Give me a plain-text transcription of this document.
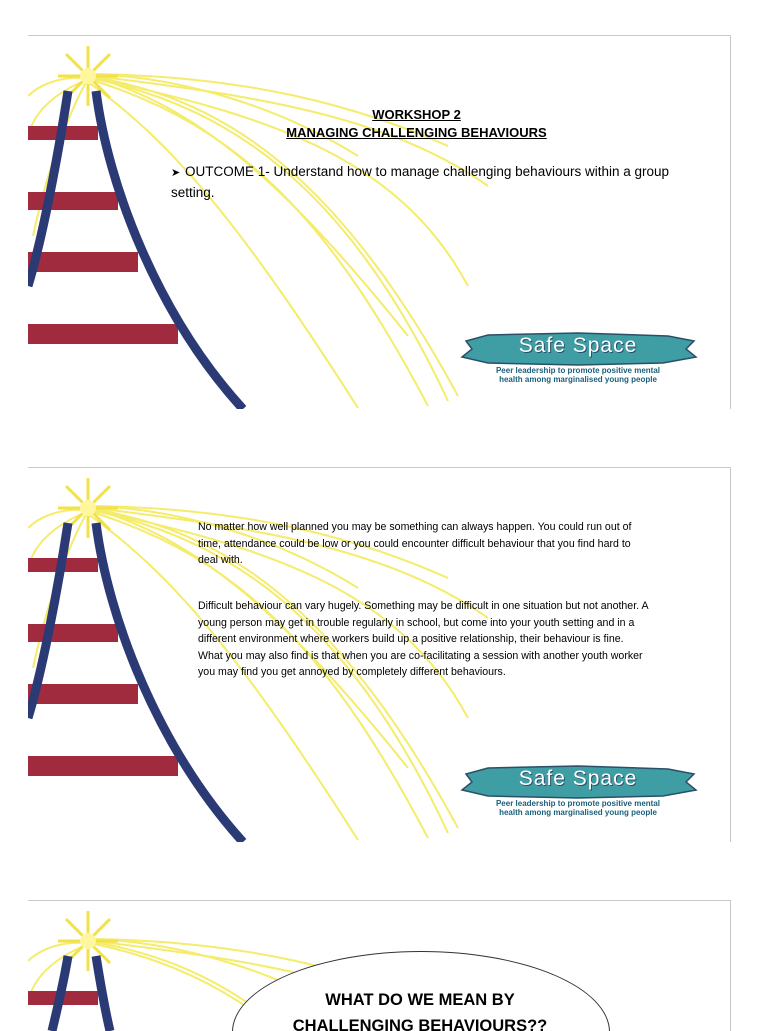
WORKSHOP 2
MANAGING CHALLENGING BEHAVIOURS
➤ OUTCOME 1- Understand how to manage challenging behaviours within a group setting.
Safe Space
Peer leadership to promote positive mental
health among marginalised young people
No matter how well planned you may be something can always happen. You could run out of time, attendance could be low or you could encounter difficult behaviour that you find hard to deal with.
Difficult behaviour can vary hugely. Something may be difficult in one situation but not another. A young person may get in trouble regularly in school, but come into your youth setting and in a different environment where workers build up a positive relationship, their behaviour is fine. What you may also find is that when you are co-facilitating a session with another youth worker you may find you get annoyed by completely different behaviours.
Safe Space
Peer leadership to promote positive mental
health among marginalised young people
WHAT DO WE MEAN BY
CHALLENGING BEHAVIOURS??
